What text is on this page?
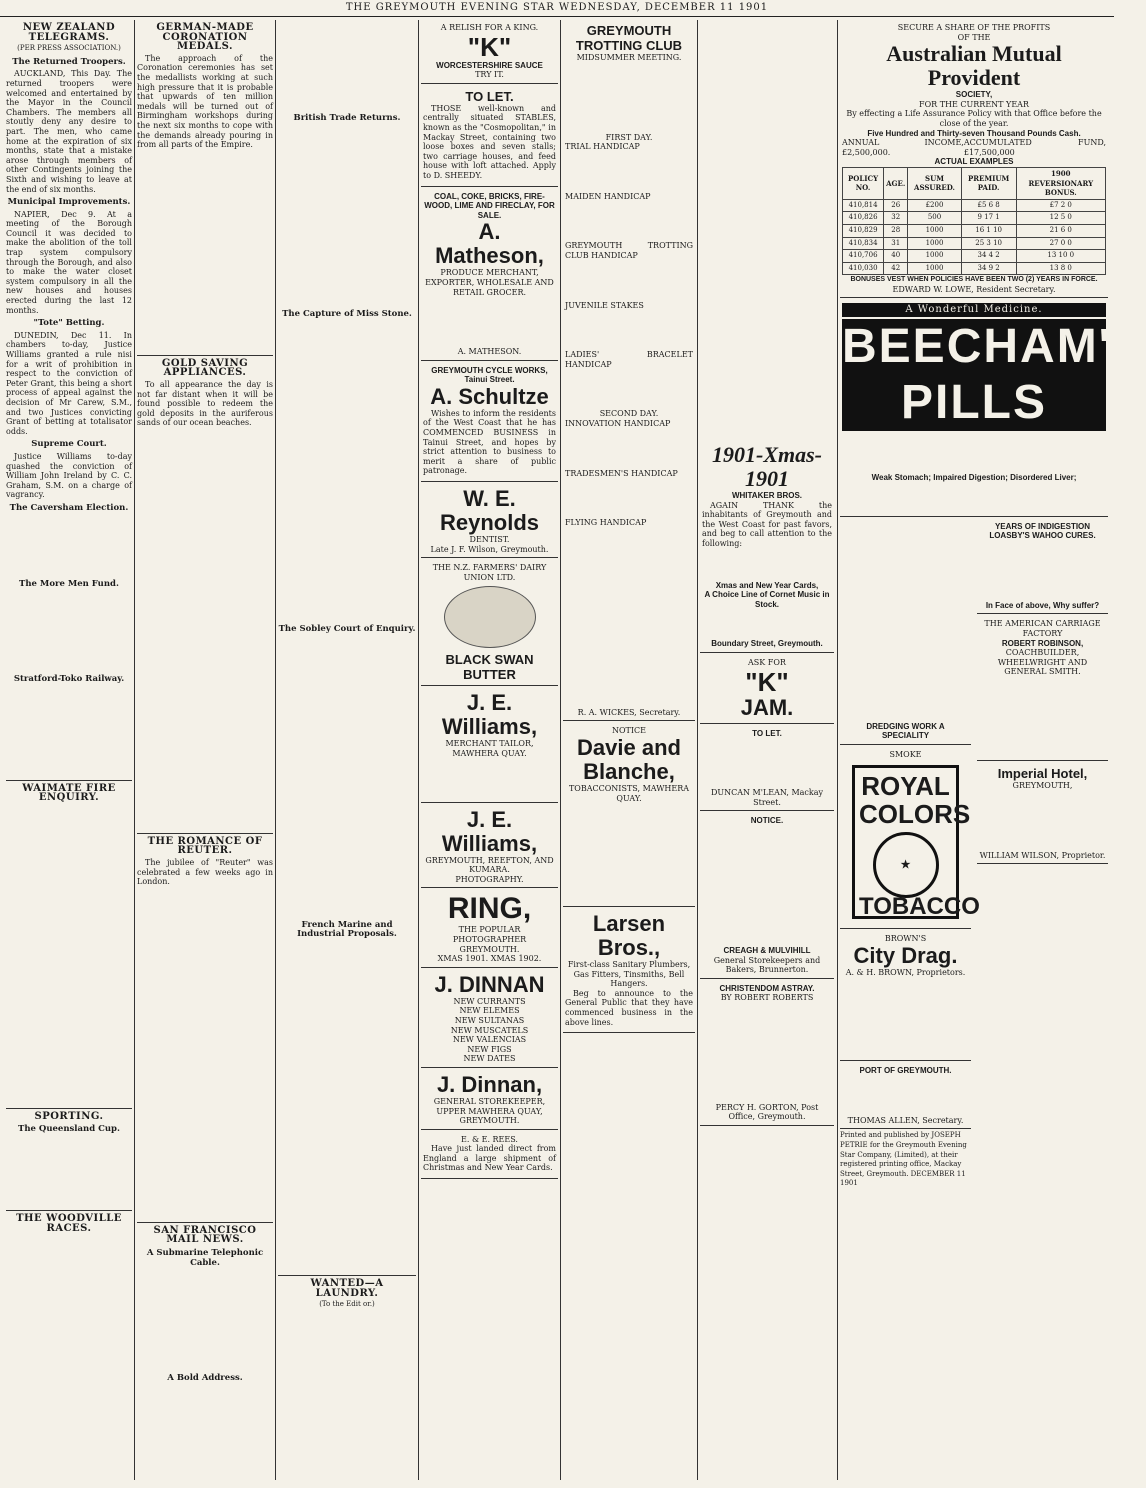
THE GREYMOUTH EVENING STAR WEDNESDAY, DECEMBER 11 1901
NEW ZEALAND TELEGRAMS.
(PER PRESS ASSOCIATION.)
The Returned Troopers.

AUCKLAND, This Day. The returned troopers were welcomed and entertained by the Mayor in the Council Chambers. The members all stoutly deny any desire to part. The men, who came home at the expiration of six months, state that a mistake arose through members of other Contingents joining the Sixth and wishing to leave at the end of six months.

Municipal Improvements.

NAPIER, Dec 9. At a meeting of the Borough Council it was decided to make the abolition of the toll trap system compulsory through the Borough, and also to make the water closet system compulsory in all the new houses and houses erected during the last 12 months.

"Tote" Betting.

DUNEDIN, Dec 11. In chambers to-day, Justice Williams granted a rule nisi for a writ of prohibition in respect to the conviction of Peter Grant, this being a short process of appeal against the decision of Mr Carew, S.M., and two Justices convicting Grant of betting at totalisator odds.

Supreme Court.

Justice Williams to-day quashed the conviction of William John Ireland by C. C. Graham, S.M. on a charge of vagrancy.

The Caversham Election.
The More Men Fund.
Stratford-Toko Railway.
WAIMATE FIRE ENQUIRY.
SPORTING.
The Queensland Cup.
THE WOODVILLE RACES.
GERMAN-MADE CORONATION MEDALS.

The approach of the Coronation ceremonies has set the medallists working at such high pressure that it is probable that upwards of ten million medals will be turned out of Birmingham workshops during the next six months to cope with the demands already pouring in from all parts of the Empire.

GOLD SAVING APPLIANCES.

To all appearance the day is not far distant when it will be found possible to redeem the gold deposits in the auriferous sands of our ocean beaches.

THE ROMANCE OF REUTER.

The jubilee of "Reuter" was celebrated a few weeks ago in London.

SAN FRANCISCO MAIL NEWS.
A Submarine Telephonic Cable.
A Bold Address.
British Trade Returns.
The Capture of Miss Stone.
The Sobley Court of Enquiry.
French Marine and Industrial Proposals.
WANTED—A LAUNDRY.
(To the Edit or.)
A RELISH FOR A KING.
"K"
WORCESTERSHIRE SAUCE
TRY IT.
TO LET.

THOSE well-known and centrally situated STABLES, known as the "Cosmopolitan," in Mackay Street, containing two loose boxes and seven stalls; two carriage houses, and feed house with loft attached. Apply to D. SHEEDY.

COAL, COKE, BRICKS, FIRE-WOOD, LIME AND FIRECLAY, FOR SALE.
A. Matheson,
PRODUCE MERCHANT, EXPORTER, WHOLESALE AND RETAIL GROCER.
A. MATHESON.
GREYMOUTH CYCLE WORKS, Tainui Street.
A. Schultze

Wishes to inform the residents of the West Coast that he has COMMENCED BUSINESS in Tainui Street, and hopes by strict attention to business to merit a share of public patronage.

W. E. Reynolds
DENTIST.
Late J. F. Wilson, Greymouth.
THE N.Z. FARMERS' DAIRY UNION LTD.
BLACK SWAN BUTTER
J. E. Williams,
MERCHANT TAILOR, MAWHERA QUAY.
J. E. Williams,
GREYMOUTH, REEFTON, AND KUMARA.
PHOTOGRAPHY.
RING,
THE POPULAR PHOTOGRAPHER GREYMOUTH.
XMAS 1901. XMAS 1902.
J. DINNAN
NEW CURRANTS
NEW ELEMES
NEW SULTANAS
NEW MUSCATELS
NEW VALENCIAS
NEW FIGS
NEW DATES
J. Dinnan,
GENERAL STOREKEEPER, UPPER MAWHERA QUAY, GREYMOUTH.
E. & E. REES.

Have just landed direct from England a large shipment of Christmas and New Year Cards.

GREYMOUTH TROTTING CLUB
MIDSUMMER MEETING.
FIRST DAY.
TRIAL HANDICAP
MAIDEN HANDICAP
GREYMOUTH TROTTING CLUB HANDICAP
JUVENILE STAKES
LADIES' BRACELET HANDICAP
SECOND DAY.
INNOVATION HANDICAP
TRADESMEN'S HANDICAP
FLYING HANDICAP
R. A. WICKES, Secretary.
NOTICE
Davie and Blanche,
TOBACCONISTS, MAWHERA QUAY.
Larsen Bros.,
First-class Sanitary Plumbers, Gas Fitters, Tinsmiths, Bell Hangers.

Beg to announce to the General Public that they have commenced business in the above lines.

1901-Xmas-1901
WHITAKER BROS.

AGAIN THANK the inhabitants of Greymouth and the West Coast for past favors, and beg to call attention to the following:

Xmas and New Year Cards,
A Choice Line of Cornet Music in Stock.
Boundary Street, Greymouth.
ASK FOR
"K"
JAM.
TO LET.
DUNCAN M'LEAN, Mackay Street.
NOTICE.
CREAGH & MULVIHILL
General Storekeepers and Bakers, Brunnerton.
CHRISTENDOM ASTRAY.
BY ROBERT ROBERTS
PERCY H. GORTON, Post Office, Greymouth.
SECURE A SHARE OF THE PROFITS
OF THE
Australian Mutual Provident
SOCIETY,
FOR THE CURRENT YEAR
By effecting a Life Assurance Policy with that Office before the close of the year.
Five Hundred and Thirty-seven Thousand Pounds Cash.
ANNUAL INCOME, £2,500,000.
ACCUMULATED FUND, £17,500,000
ACTUAL EXAMPLES
POLICY NO.	AGE.	SUM ASSURED.	PREMIUM PAID.	1900 REVERSIONARY BONUS.
410,814	26	£200	£5 6 8	£7 2 0
410,826	32	500	9 17 1	12 5 0
410,829	28	1000	16 1 10	21 6 0
410,834	31	1000	25 3 10	27 0 0
410,706	40	1000	34 4 2	13 10 0
410,030	42	1000	34 9 2	13 8 0
BONUSES VEST WHEN POLICIES HAVE BEEN TWO (2) YEARS IN FORCE.
EDWARD W. LOWE, Resident Secretary.
A Wonderful Medicine.
BEECHAM'S PILLS
Weak Stomach; Impaired Digestion; Disordered Liver;
DREDGING WORK A SPECIALITY
SMOKE
ROYAL
COLORS
★
TOBACCO
BROWN'S
City Drag.
A. & H. BROWN, Proprietors.
PORT OF GREYMOUTH.
THOMAS ALLEN, Secretary.
Printed and published by JOSEPH PETRIE for the Greymouth Evening Star Company, (Limited), at their registered printing office, Mackay Street, Greymouth. DECEMBER 11 1901
YEARS OF INDIGESTION
LOASBY'S WAHOO CURES.
In Face of above, Why suffer?
THE AMERICAN CARRIAGE FACTORY
ROBERT ROBINSON,
COACHBUILDER, WHEELWRIGHT AND GENERAL SMITH.
Imperial Hotel,
GREYMOUTH,
WILLIAM WILSON, Proprietor.
